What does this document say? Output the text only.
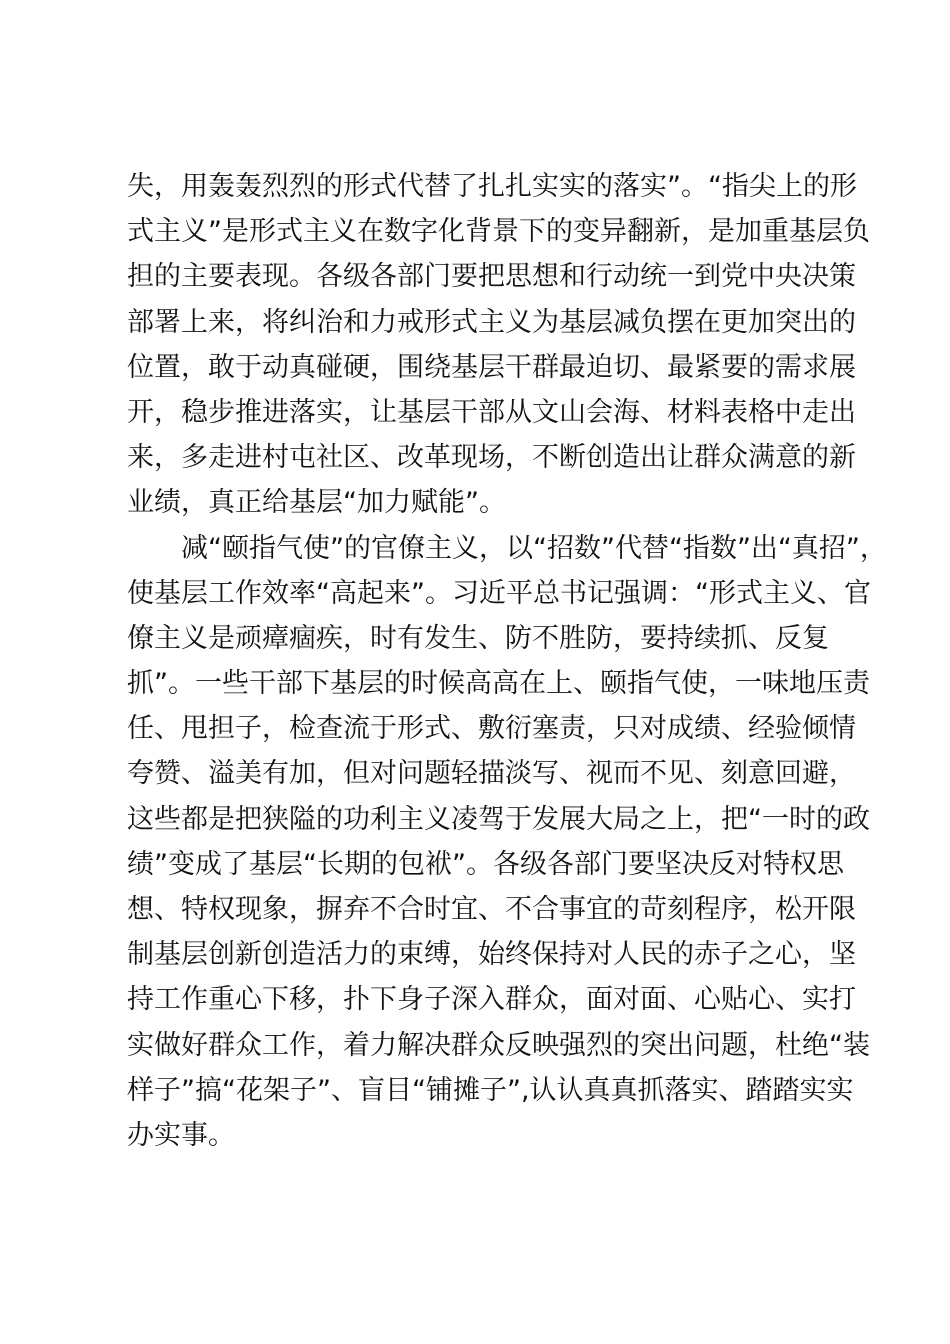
失，用轰轰烈烈的形式代替了扎扎实实的落实”。“指尖上的形
式主义”是形式主义在数字化背景下的变异翻新，是加重基层负
担的主要表现。各级各部门要把思想和行动统一到党中央决策
部署上来，将纠治和力戒形式主义为基层减负摆在更加突出的
位置，敢于动真碰硬，围绕基层干群最迫切、最紧要的需求展
开，稳步推进落实，让基层干部从文山会海、材料表格中走出
来，多走进村屯社区、改革现场，不断创造出让群众满意的新
业绩，真正给基层“加力赋能”。
减“颐指气使”的官僚主义，以“招数”代替“指数”出“真招”，
使基层工作效率“高起来”。习近平总书记强调：“形式主义、官
僚主义是顽瘴痼疾，时有发生、防不胜防，要持续抓、反复
抓”。一些干部下基层的时候高高在上、颐指气使，一味地压责
任、甩担子，检查流于形式、敷衍塞责，只对成绩、经验倾情
夸赞、溢美有加，但对问题轻描淡写、视而不见、刻意回避，
这些都是把狭隘的功利主义凌驾于发展大局之上，把“一时的政
绩”变成了基层“长期的包袱”。各级各部门要坚决反对特权思
想、特权现象，摒弃不合时宜、不合事宜的苛刻程序，松开限
制基层创新创造活力的束缚，始终保持对人民的赤子之心，坚
持工作重心下移，扑下身子深入群众，面对面、心贴心、实打
实做好群众工作，着力解决群众反映强烈的突出问题，杜绝“装
样子”搞“花架子”、盲目“铺摊子”,认认真真抓落实、踏踏实实
办实事。
